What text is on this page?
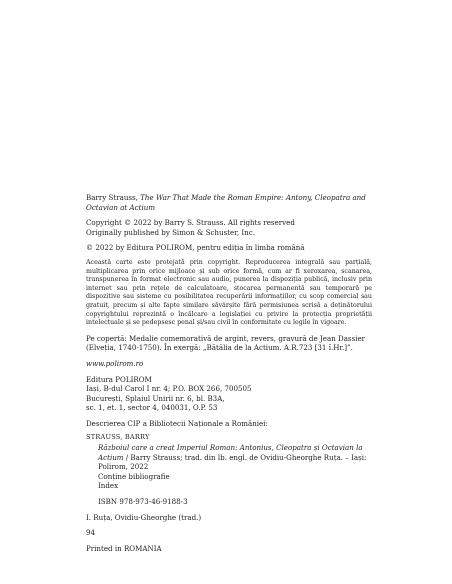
Barry Strauss, The War That Made the Roman Empire: Antony, Cleopatra and Octavian at Actium

Copyright © 2022 by Barry S. Strauss. All rights reserved

Originally published by Simon & Schuster, Inc.

© 2022 by Editura POLIROM, pentru ediția în limba română

Această carte este protejată prin copyright. Reproducerea integrală sau parțială, multiplicarea prin orice mijloace și sub orice formă, cum ar fi xeroxarea, scanarea, transpunerea în format electronic sau audio, punerea la dispoziția publică, inclusiv prin internet sau prin rețele de calculatoare, stocarea permanentă sau temporară pe dispozitive sau sisteme cu posibilitatea recuperării informațiilor, cu scop comercial sau gratuit, precum și alte fapte similare săvârșite fără permisiunea scrisă a deținătorului copyrightului reprezintă o încălcare a legislației cu privire la protecția proprietății intelectuale și se pedepsesc penal și/sau civil în conformitate cu legile în vigoare.

Pe copertă: Medalie comemorativă de argint, revers, gravură de Jean Dassier (Elveția, 1740-1750). În exergă: „Bătălia de la Actium. A.R.723 [31 î.Hr.]”.

www.polirom.ro

Editura POLIROM

Iași, B-dul Carol I nr. 4; P.O. BOX 266, 700505

București, Splaiul Unirii nr. 6, bl. B3A,

sc. 1, et. 1, sector 4, 040031, O.P. 53

Descrierea CIP a Bibliotecii Naționale a României:

STRAUSS, BARRY

Războiul care a creat Imperiul Roman: Antonius, Cleopatra și Octavian la Actium / Barry Strauss; trad. din lb. engl. de Ovidiu-Gheorghe Ruța. – Iași: Polirom, 2022

Conține bibliografie

Index

ISBN 978-973-46-9188-3

I. Ruța, Ovidiu-Gheorghe (trad.)

94

Printed in ROMANIA
